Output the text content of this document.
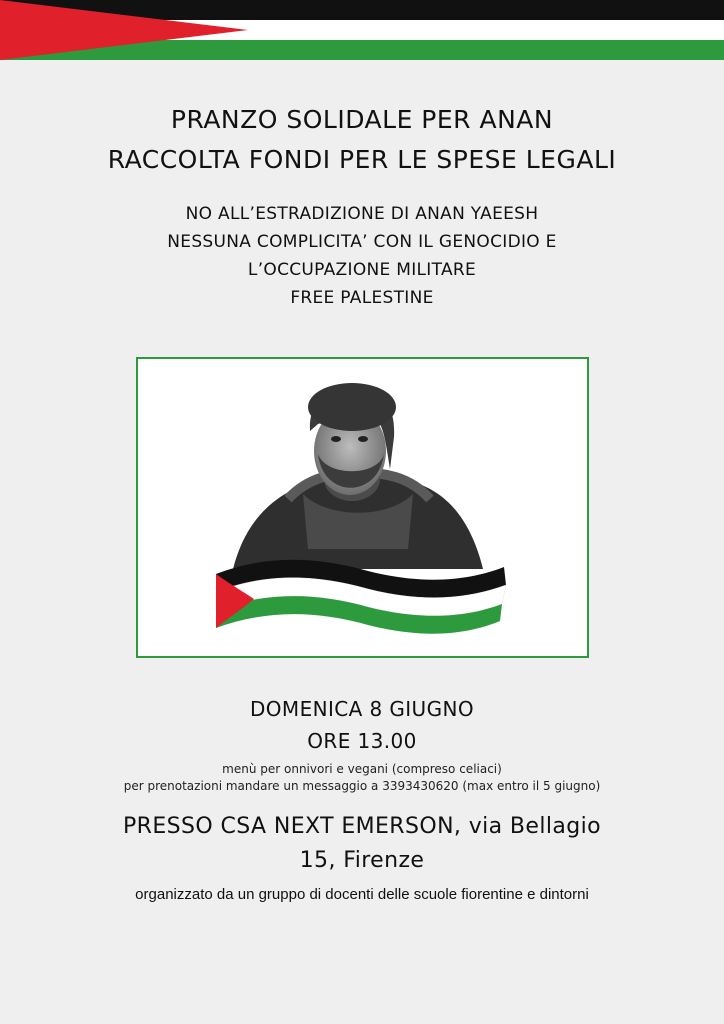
PRANZO SOLIDALE PER ANAN
RACCOLTA FONDI PER LE SPESE LEGALI
NO ALL’ESTRADIZIONE DI ANAN YAEESH
NESSUNA COMPLICITA’ CON IL GENOCIDIO E
L’OCCUPAZIONE MILITARE
FREE PALESTINE
DOMENICA 8 GIUGNO
ORE 13.00
menù per onnivori e vegani (compreso celiaci)
per prenotazioni mandare un messaggio a 3393430620 (max entro il 5 giugno)
PRESSO CSA NEXT EMERSON, via Bellagio
15, Firenze
organizzato da un gruppo di docenti delle scuole fiorentine e dintorni
